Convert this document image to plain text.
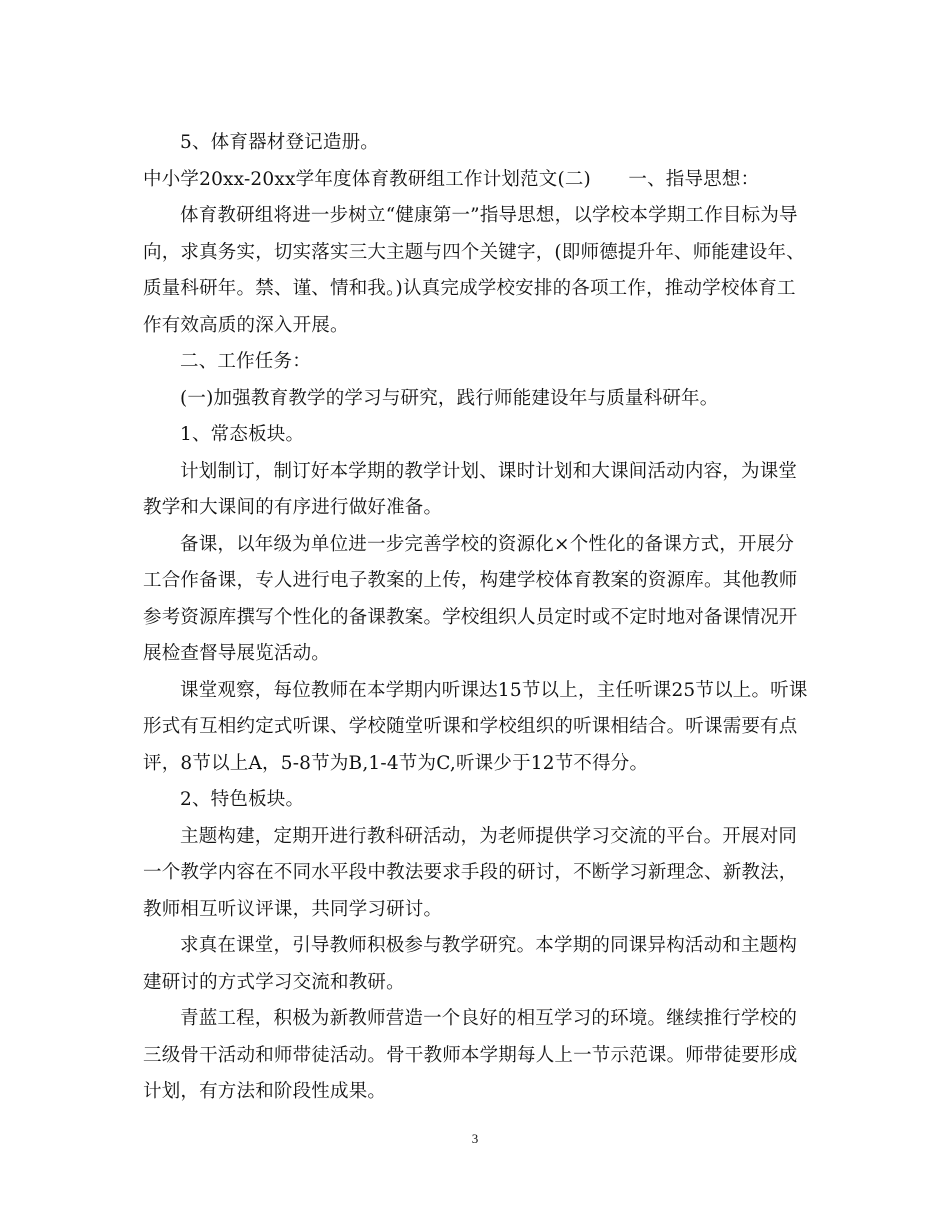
5、体育器材登记造册。
中小学20xx-20xx学年度体育教研组工作计划范文(二)　　一、指导思想：
体育教研组将进一步树立“健康第一”指导思想，以学校本学期工作目标为导
向，求真务实，切实落实三大主题与四个关键字，(即师德提升年、师能建设年、
质量科研年。禁、谨、情和我。)认真完成学校安排的各项工作，推动学校体育工
作有效高质的深入开展。
二、工作任务：
(一)加强教育教学的学习与研究，践行师能建设年与质量科研年。
1、常态板块。
计划制订，制订好本学期的教学计划、课时计划和大课间活动内容，为课堂
教学和大课间的有序进行做好准备。
备课，以年级为单位进一步完善学校的资源化×个性化的备课方式，开展分
工合作备课，专人进行电子教案的上传，构建学校体育教案的资源库。其他教师
参考资源库撰写个性化的备课教案。学校组织人员定时或不定时地对备课情况开
展检查督导展览活动。
课堂观察，每位教师在本学期内听课达15节以上，主任听课25节以上。听课
形式有互相约定式听课、学校随堂听课和学校组织的听课相结合。听课需要有点
评，8节以上A，5-8节为B,1-4节为C,听课少于12节不得分。
2、特色板块。
主题构建，定期开进行教科研活动，为老师提供学习交流的平台。开展对同
一个教学内容在不同水平段中教法要求手段的研讨，不断学习新理念、新教法，
教师相互听议评课，共同学习研讨。
求真在课堂，引导教师积极参与教学研究。本学期的同课异构活动和主题构
建研讨的方式学习交流和教研。
青蓝工程，积极为新教师营造一个良好的相互学习的环境。继续推行学校的
三级骨干活动和师带徒活动。骨干教师本学期每人上一节示范课。师带徒要形成
计划，有方法和阶段性成果。
3
